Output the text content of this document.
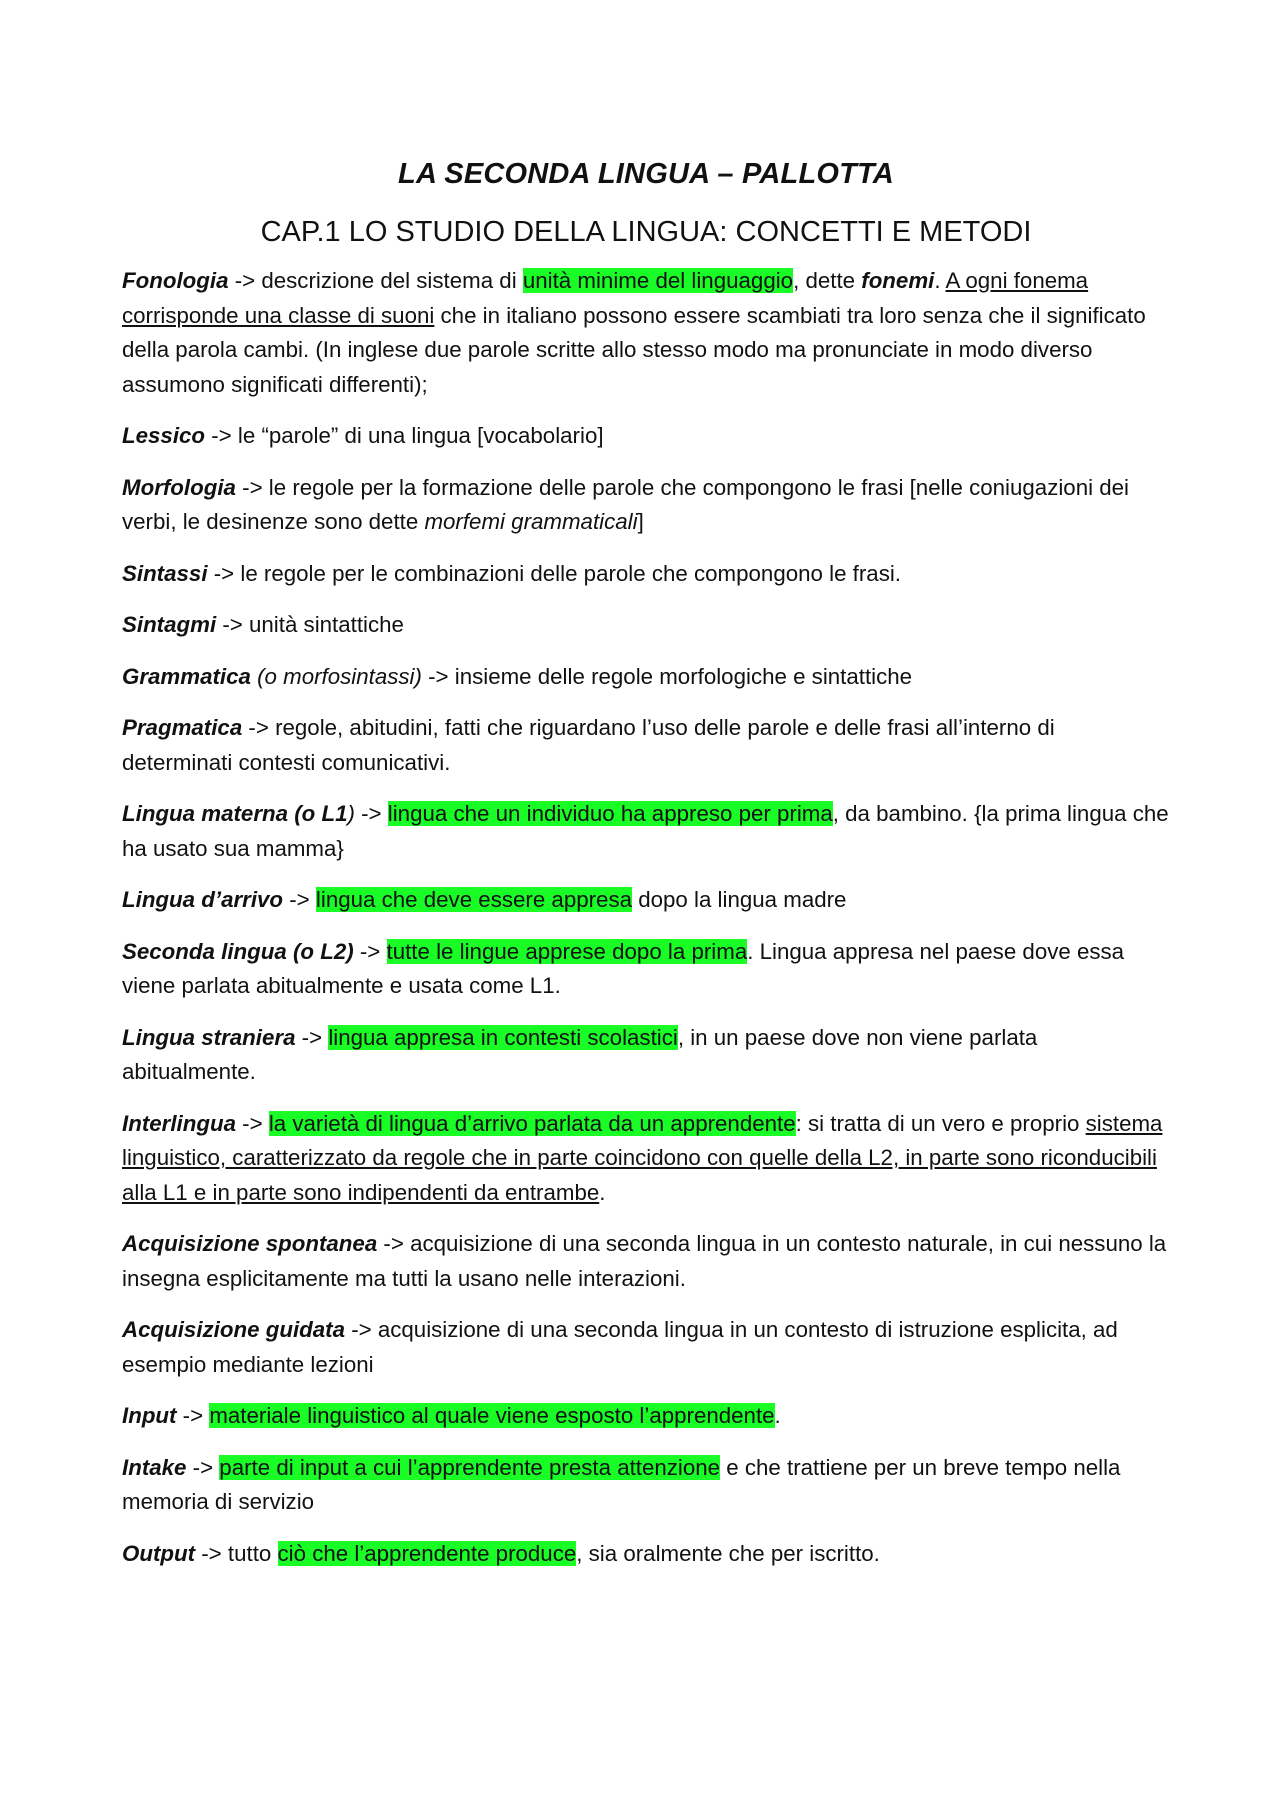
LA SECONDA LINGUA – PALLOTTA
CAP.1 LO STUDIO DELLA LINGUA: CONCETTI E METODI
Fonologia -> descrizione del sistema di unità minime del linguaggio, dette fonemi. A ogni fonema corrisponde una classe di suoni che in italiano possono essere scambiati tra loro senza che il significato della parola cambi. (In inglese due parole scritte allo stesso modo ma pronunciate in modo diverso assumono significati differenti);
Lessico -> le “parole” di una lingua [vocabolario]
Morfologia -> le regole per la formazione delle parole che compongono le frasi [nelle coniugazioni dei verbi, le desinenze sono dette morfemi grammaticali]
Sintassi -> le regole per le combinazioni delle parole che compongono le frasi.
Sintagmi -> unità sintattiche
Grammatica (o morfosintassi) -> insieme delle regole morfologiche e sintattiche
Pragmatica -> regole, abitudini, fatti che riguardano l’uso delle parole e delle frasi all’interno di determinati contesti comunicativi.
Lingua materna (o L1) -> lingua che un individuo ha appreso per prima, da bambino. {la prima lingua che ha usato sua mamma}
Lingua d’arrivo -> lingua che deve essere appresa dopo la lingua madre
Seconda lingua (o L2) -> tutte le lingue apprese dopo la prima. Lingua appresa nel paese dove essa viene parlata abitualmente e usata come L1.
Lingua straniera -> lingua appresa in contesti scolastici, in un paese dove non viene parlata abitualmente.
Interlingua -> la varietà di lingua d’arrivo parlata da un apprendente: si tratta di un vero e proprio sistema linguistico, caratterizzato da regole che in parte coincidono con quelle della L2, in parte sono riconducibili alla L1 e in parte sono indipendenti da entrambe.
Acquisizione spontanea -> acquisizione di una seconda lingua in un contesto naturale, in cui nessuno la insegna esplicitamente ma tutti la usano nelle interazioni.
Acquisizione guidata -> acquisizione di una seconda lingua in un contesto di istruzione esplicita, ad esempio mediante lezioni
Input -> materiale linguistico al quale viene esposto l’apprendente.
Intake -> parte di input a cui l’apprendente presta attenzione e che trattiene per un breve tempo nella memoria di servizio
Output -> tutto ciò che l’apprendente produce, sia oralmente che per iscritto.
